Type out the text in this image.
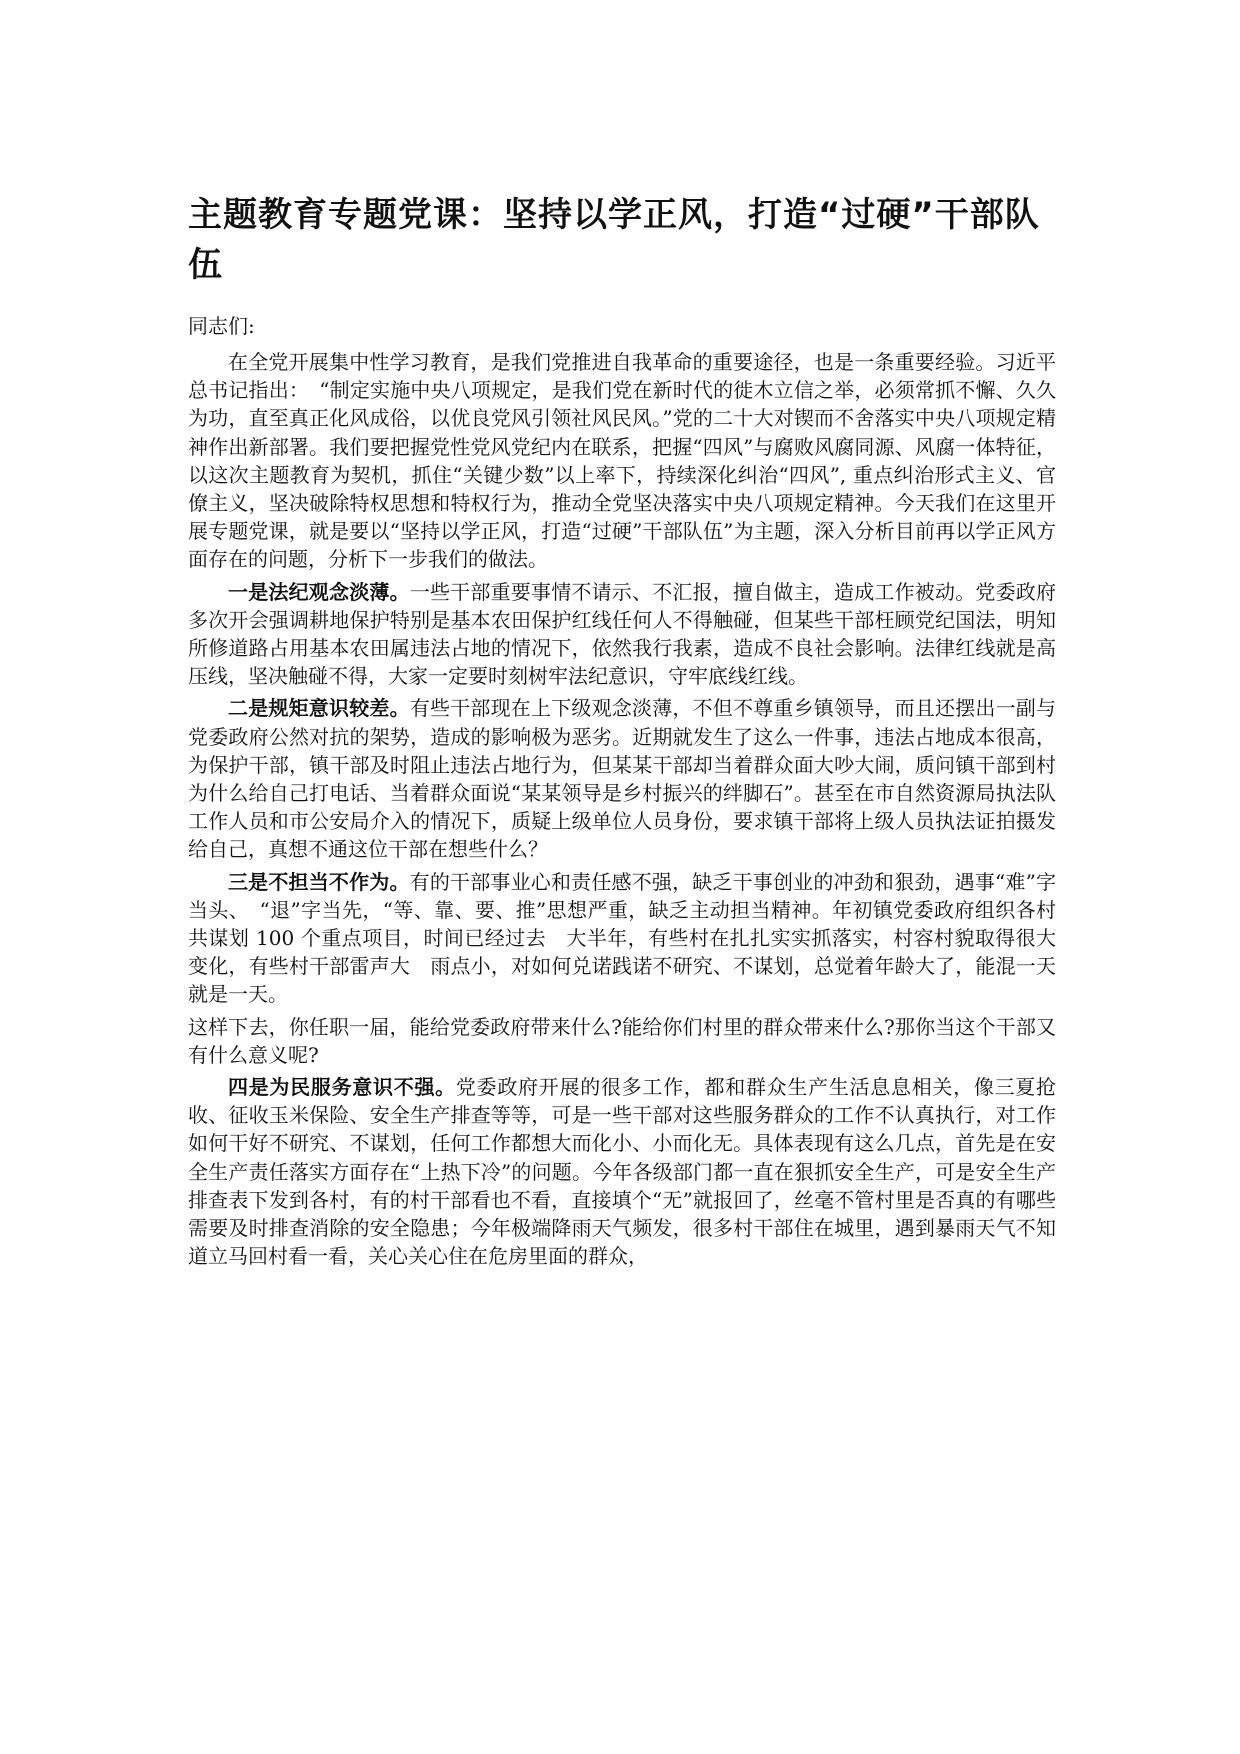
主题教育专题党课：坚持以学正风，打造“过硬”干部队伍

同志们:

在全党开展集中性学习教育，是我们党推进自我革命的重要途径，也是一条重要经验。习近平总书记指出：　“制定实施中央八项规定，是我们党在新时代的徙木立信之举，必须常抓不懈、久久为功，直至真正化风成俗，以优良党风引领社风民风。”党的二十大对锲而不舍落实中央八项规定精神作出新部署。我们要把握党性党风党纪内在联系，把握“四风”与腐败风腐同源、风腐一体特征，以这次主题教育为契机，抓住“关键少数”以上率下，持续深化纠治“四风”, 重点纠治形式主义、官僚主义，坚决破除特权思想和特权行为，推动全党坚决落实中央八项规定精神。今天我们在这里开展专题党课，就是要以“坚持以学正风，打造“过硬”干部队伍”为主题，深入分析目前再以学正风方面存在的问题，分析下一步我们的做法。

一是法纪观念淡薄。一些干部重要事情不请示、不汇报，擅自做主，造成工作被动。党委政府多次开会强调耕地保护特别是基本农田保护红线任何人不得触碰，但某些干部枉顾党纪国法，明知所修道路占用基本农田属违法占地的情况下，依然我行我素，造成不良社会影响。法律红线就是高压线，坚决触碰不得，大家一定要时刻树牢法纪意识，守牢底线红线。

二是规矩意识较差。有些干部现在上下级观念淡薄，不但不尊重乡镇领导，而且还摆出一副与党委政府公然对抗的架势，造成的影响极为恶劣。近期就发生了这么一件事，违法占地成本很高，为保护干部，镇干部及时阻止违法占地行为，但某某干部却当着群众面大吵大闹，质问镇干部到村为什么给自己打电话、当着群众面说“某某领导是乡村振兴的绊脚石”。甚至在市自然资源局执法队工作人员和市公安局介入的情况下，质疑上级单位人员身份，要求镇干部将上级人员执法证拍摄发给自己，真想不通这位干部在想些什么？

三是不担当不作为。有的干部事业心和责任感不强，缺乏干事创业的冲劲和狠劲，遇事“难”字当头、　“退”字当先，“等、靠、要、推”思想严重，缺乏主动担当精神。年初镇党委政府组织各村共谋划 100 个重点项目，时间已经过去　大半年，有些村在扎扎实实抓落实，村容村貌取得很大变化，有些村干部雷声大　雨点小，对如何兑诺践诺不研究、不谋划，总觉着年龄大了，能混一天就是一天。

这样下去，你任职一届，能给党委政府带来什么?能给你们村里的群众带来什么?那你当这个干部又有什么意义呢?

四是为民服务意识不强。党委政府开展的很多工作，都和群众生产生活息息相关，像三夏抢收、征收玉米保险、安全生产排查等等，可是一些干部对这些服务群众的工作不认真执行，对工作如何干好不研究、不谋划，任何工作都想大而化小、小而化无。具体表现有这么几点，首先是在安全生产责任落实方面存在“上热下冷”的问题。今年各级部门都一直在狠抓安全生产，可是安全生产排查表下发到各村，有的村干部看也不看，直接填个“无”就报回了，丝毫不管村里是否真的有哪些需要及时排查消除的安全隐患；今年极端降雨天气频发，很多村干部住在城里，遇到暴雨天气不知道立马回村看一看，关心关心住在危房里面的群众，
